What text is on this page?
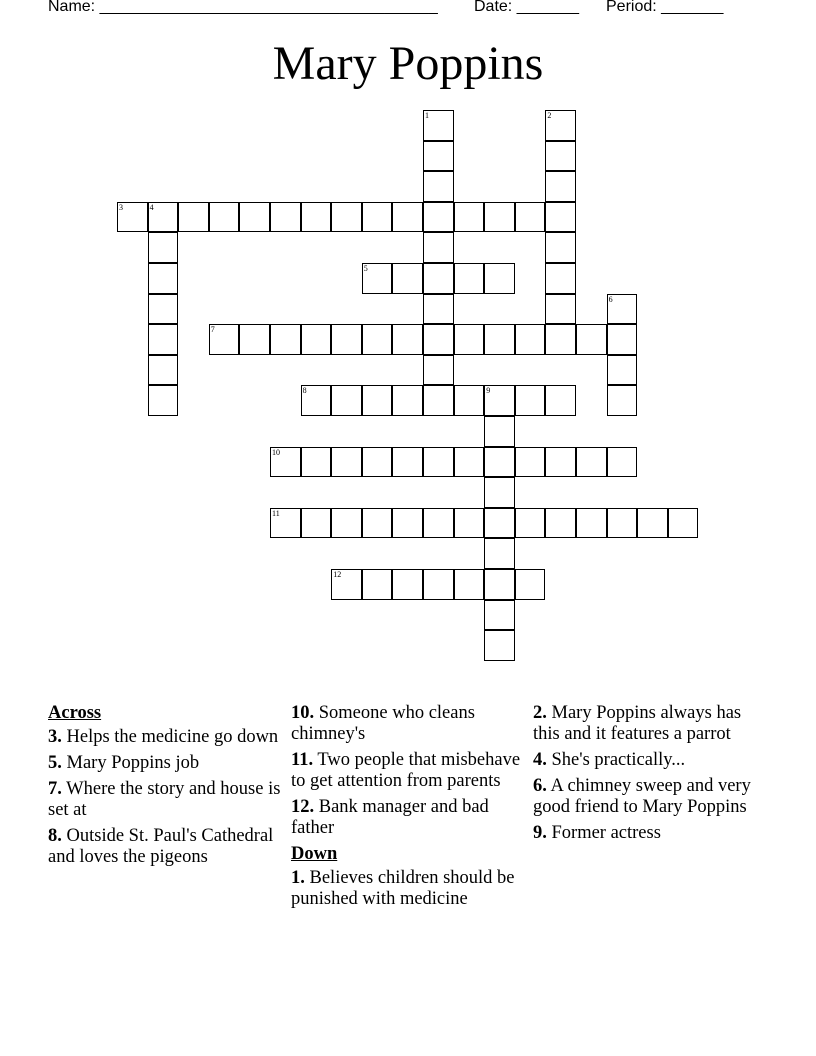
Name: ______________________________________ Date: _______ Period: _______
Mary Poppins
1	2
3	4
5
6
7
8	9
10
11
12
Across
3. Helps the medicine go down
5. Mary Poppins job
7. Where the story and house is set at
8. Outside St. Paul's Cathedral and loves the pigeons
10. Someone who cleans chimney's
11. Two people that misbehave to get attention from parents
12. Bank manager and bad father
Down
1. Believes children should be punished with medicine
2. Mary Poppins always has this and it features a parrot
4. She's practically...
6. A chimney sweep and very good friend to Mary Poppins
9. Former actress
